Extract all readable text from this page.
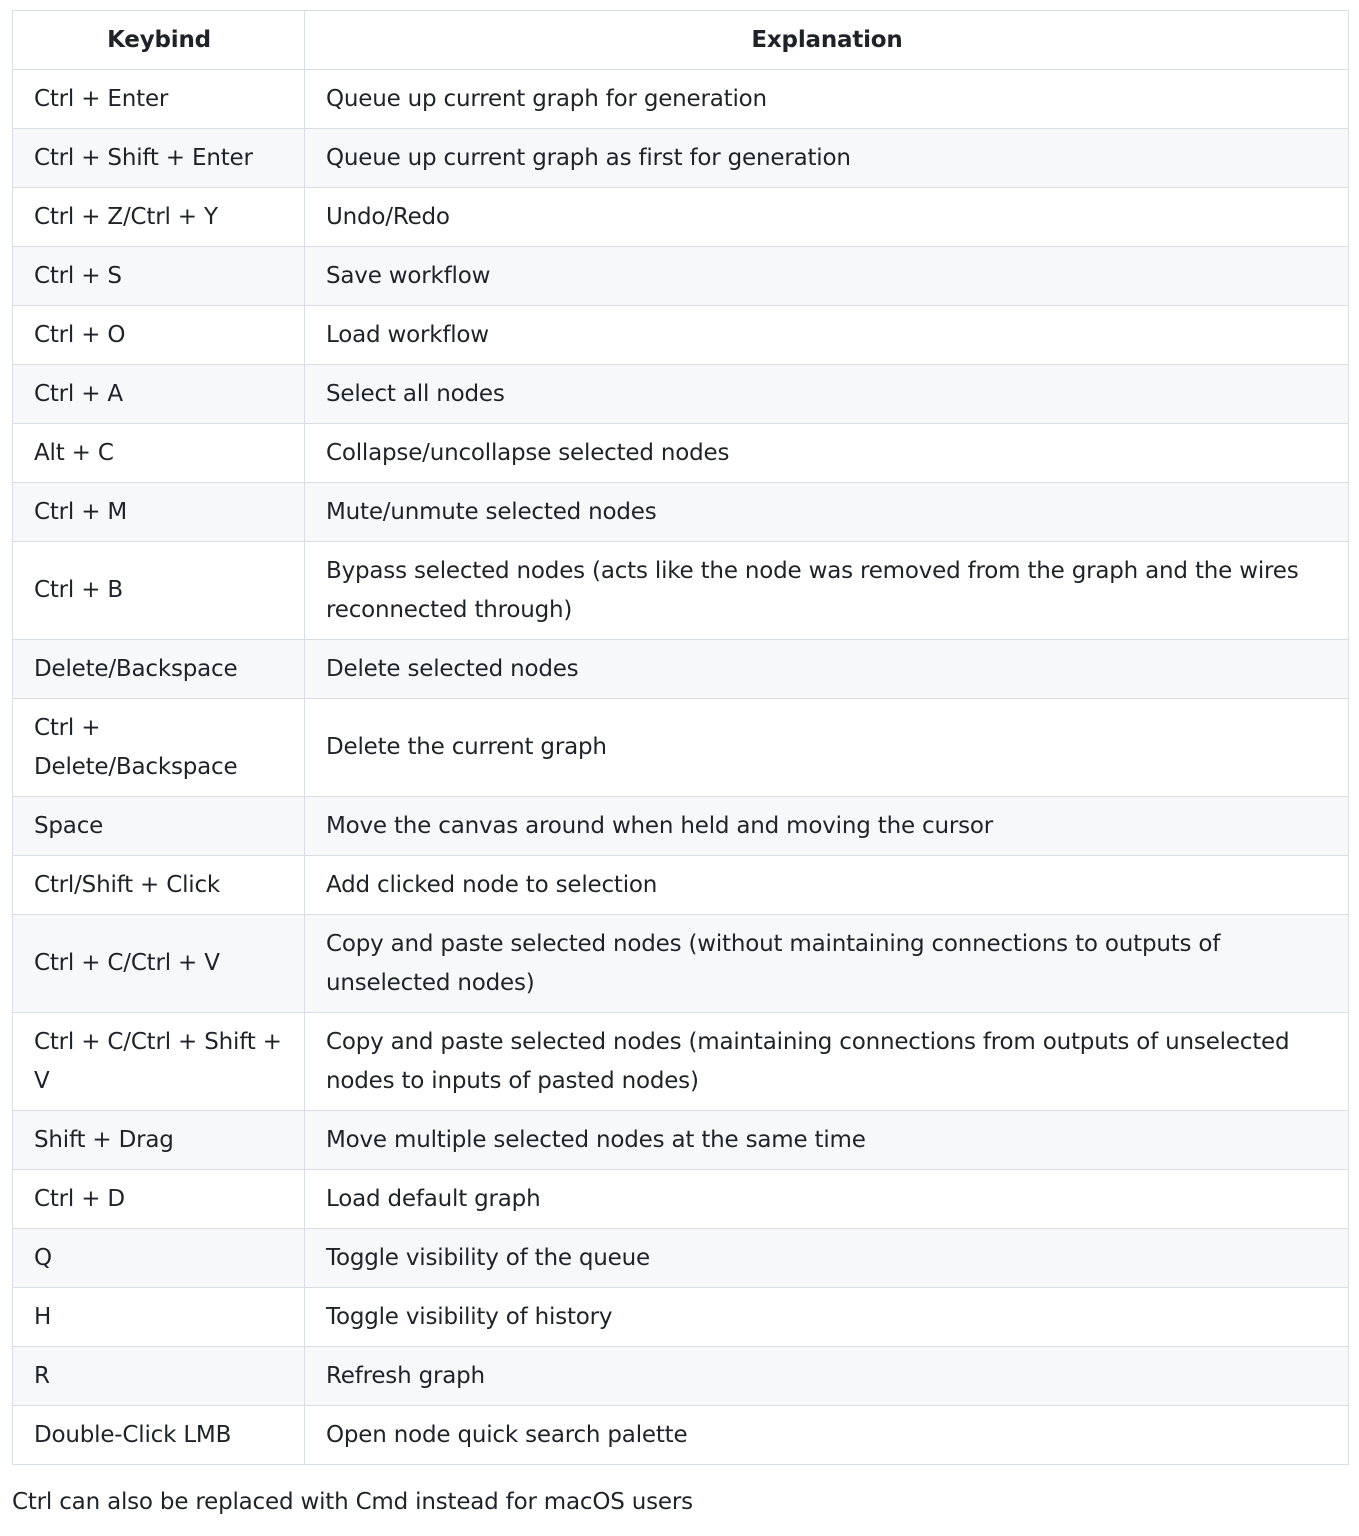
Keybind	Explanation
Ctrl + Enter	Queue up current graph for generation
Ctrl + Shift + Enter	Queue up current graph as first for generation
Ctrl + Z/Ctrl + Y	Undo/Redo
Ctrl + S	Save workflow
Ctrl + O	Load workflow
Ctrl + A	Select all nodes
Alt + C	Collapse/uncollapse selected nodes
Ctrl + M	Mute/unmute selected nodes
Ctrl + B	Bypass selected nodes (acts like the node was removed from the graph and the wires reconnected through)
Delete/Backspace	Delete selected nodes
Ctrl + Delete/Backspace	Delete the current graph
Space	Move the canvas around when held and moving the cursor
Ctrl/Shift + Click	Add clicked node to selection
Ctrl + C/Ctrl + V	Copy and paste selected nodes (without maintaining connections to outputs of unselected nodes)
Ctrl + C/Ctrl + Shift + V	Copy and paste selected nodes (maintaining connections from outputs of unselected nodes to inputs of pasted nodes)
Shift + Drag	Move multiple selected nodes at the same time
Ctrl + D	Load default graph
Q	Toggle visibility of the queue
H	Toggle visibility of history
R	Refresh graph
Double-Click LMB	Open node quick search palette

Ctrl can also be replaced with Cmd instead for macOS users
